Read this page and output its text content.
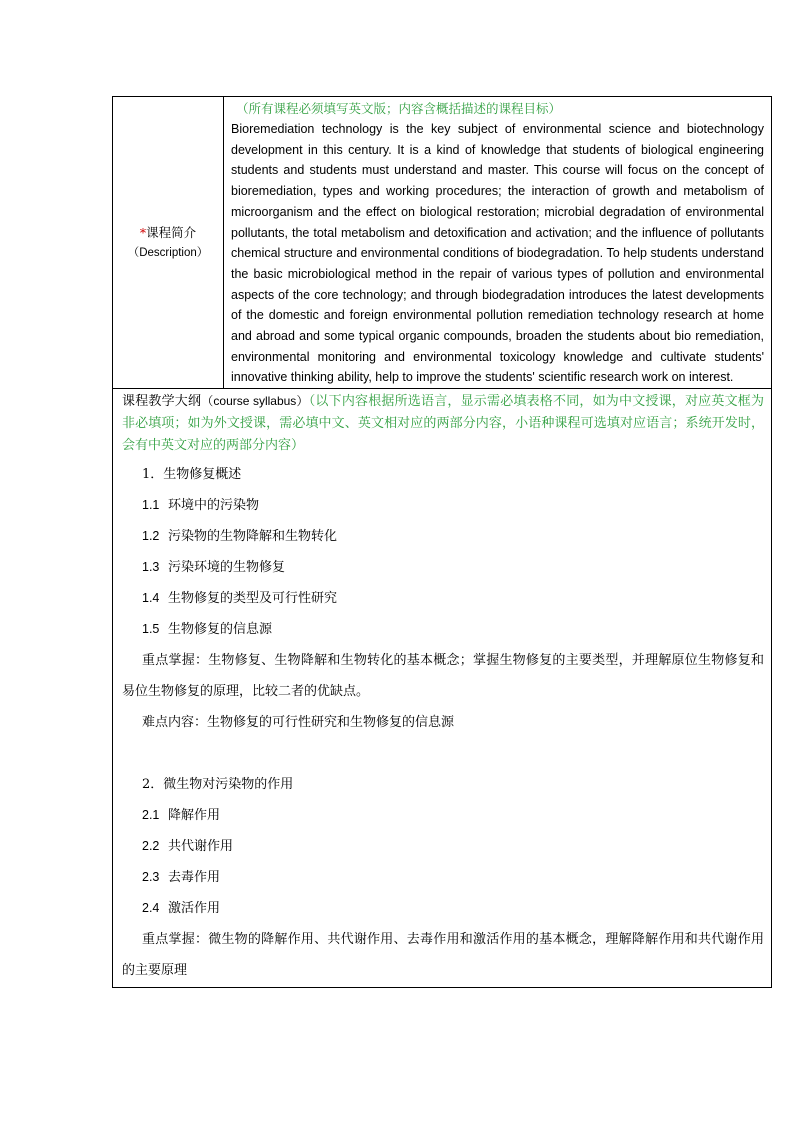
*课程简介
（Description）

（所有课程必须填写英文版；内容含概括描述的课程目标）
Bioremediation technology is the key subject of environmental science and biotechnology development in this century. It is a kind of knowledge that students of biological engineering students and students must understand and master. This course will focus on the concept of bioremediation, types and working procedures; the interaction of growth and metabolism of microorganism and the effect on biological restoration; microbial degradation of environmental pollutants, the total metabolism and detoxification and activation; and the influence of pollutants chemical structure and environmental conditions of biodegradation. To help students understand the basic microbiological method in the repair of various types of pollution and environmental aspects of the core technology; and through biodegradation introduces the latest developments of the domestic and foreign environmental pollution remediation technology research at home and abroad and some typical organic compounds, broaden the students about bio remediation, environmental monitoring and environmental toxicology knowledge and cultivate students' innovative thinking ability, help to improve the students' scientific research work on interest.

课程教学大纲（course syllabus）（以下内容根据所选语言，显示需必填表格不同，如为中文授课，对应英文框为非必填项；如为外文授课，需必填中文、英文相对应的两部分内容，小语种课程可选填对应语言；系统开发时，会有中英文对应的两部分内容）
1．生物修复概述
1.1 环境中的污染物
1.2 污染物的生物降解和生物转化
1.3 污染环境的生物修复
1.4 生物修复的类型及可行性研究
1.5 生物修复的信息源
重点掌握：生物修复、生物降解和生物转化的基本概念；掌握生物修复的主要类型，并理解原位生物修复和易位生物修复的原理，比较二者的优缺点。
难点内容：生物修复的可行性研究和生物修复的信息源
2．微生物对污染物的作用
2.1 降解作用
2.2 共代谢作用
2.3 去毒作用
2.4 激活作用
重点掌握：微生物的降解作用、共代谢作用、去毒作用和激活作用的基本概念，理解降解作用和共代谢作用的主要原理
